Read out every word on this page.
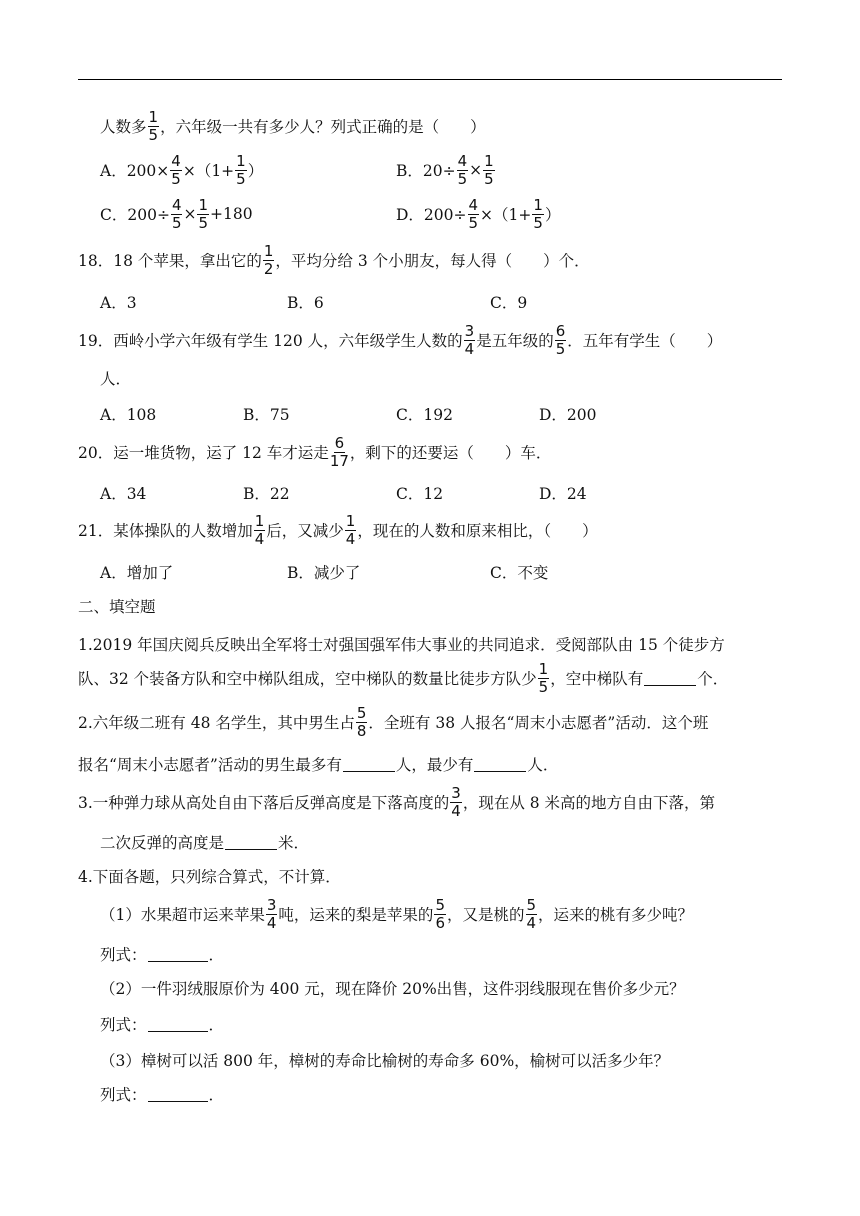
人数多 $\frac{1}{5}$ ，六年级一共有多少人？列式正确的是（　　）
A．$200\times \frac{4}{5} \times(1+ \frac{1}{5}$ ）	B．$20\div \frac{4}{5} \times \frac{1}{5}$
C．$200\div \frac{4}{5} \times \frac{1}{5} +180$	D．$200\div \frac{4}{5} \times(1+ \frac{1}{5}$ ）
18．18 个苹果，拿出它的 $\frac{1}{2}$ ，平均分给 3 个小朋友，每人得（　　）个．
A．3	B．6	C．9
19．西岭小学六年级有学生 120 人，六年级学生人数的 $\frac{3}{4}$ 是五年级的 $\frac{6}{5}$ ．五年有学生（　　）
人．
A．108	B．75	C．192	D．200
20．运一堆货物，运了 12 车才运走 $\frac{6}{17}$ ，剩下的还要运（　　）车．
A．34	B．22	C．12	D．24
21．某体操队的人数增加 $\frac{1}{4}$ 后，又减少 $\frac{1}{4}$ ，现在的人数和原来相比，（　　）
A．增加了	B．减少了	C．不变
二、填空题
1.2019 年国庆阅兵反映出全军将士对强国强军伟大事业的共同追求．受阅部队由 15 个徒步方
队、32 个装备方队和空中梯队组成，空中梯队的数量比徒步方队少 $\frac{1}{5}$ ，空中梯队有	个．
2.六年级二班有 48 名学生，其中男生占 $\frac{5}{8}$ ．全班有 38 人报名“周末小志愿者”活动．这个班
报名“周末小志愿者”活动的男生最多有	人，最少有	人．
3.一种弹力球从高处自由下落后反弹高度是下落高度的 $\frac{3}{4}$ ，现在从 8 米高的地方自由下落，第
二次反弹的高度是	米．
4.下面各题，只列综合算式，不计算．
（1）水果超市运来苹果 $\frac{3}{4}$ 吨，运来的梨是苹果的 $\frac{5}{6}$ ，又是桃的 $\frac{5}{4}$ ，运来的桃有多少吨？
列式：	．
（2）一件羽绒服原价为 400 元，现在降价 20%出售，这件羽线服现在售价多少元？
列式：	．
（3）樟树可以活 800 年，樟树的寿命比榆树的寿命多 60%，榆树可以活多少年？
列式：	．
